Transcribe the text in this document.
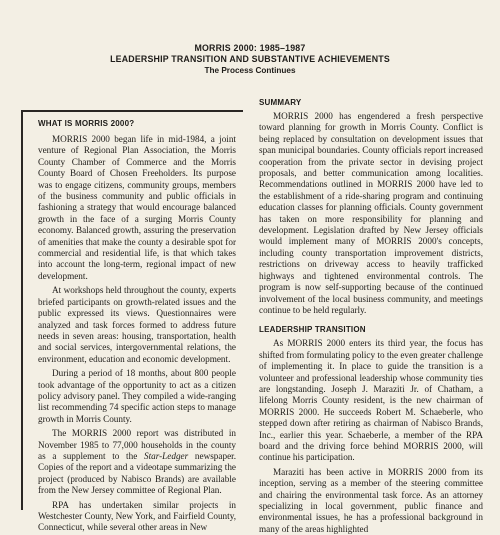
MORRIS 2000: 1985–1987
LEADERSHIP TRANSITION AND SUBSTANTIVE ACHIEVEMENTS
The Process Continues
WHAT IS MORRIS 2000?

MORRIS 2000 began life in mid-1984, a joint venture of Regional Plan Association, the Morris County Chamber of Commerce and the Morris County Board of Chosen Freeholders. Its purpose was to engage citizens, community groups, members of the business community and public officials in fashioning a strategy that would encourage balanced growth in the face of a surging Morris County economy. Balanced growth, assuring the preservation of amenities that make the county a desirable spot for commercial and residential life, is that which takes into account the long-term, regional impact of new development.

At workshops held throughout the county, experts briefed participants on growth-related issues and the public expressed its views. Questionnaires were analyzed and task forces formed to address future needs in seven areas: housing, transportation, health and social services, intergovernmental relations, the environment, education and economic development.

During a period of 18 months, about 800 people took advantage of the opportunity to act as a citizen policy advisory panel. They compiled a wide-ranging list recommending 74 specific action steps to manage growth in Morris County.

The MORRIS 2000 report was distributed in November 1985 to 77,000 households in the county as a supplement to the Star-Ledger newspaper. Copies of the report and a videotape summarizing the project (produced by Nabisco Brands) are available from the New Jersey committee of Regional Plan.

RPA has undertaken similar projects in Westchester County, New York, and Fairfield County, Connecticut, while several other areas in New

SUMMARY

MORRIS 2000 has engendered a fresh perspective toward planning for growth in Morris County. Conflict is being replaced by consultation on development issues that span municipal boundaries. County officials report increased cooperation from the private sector in devising project proposals, and better communication among localities. Recommendations outlined in MORRIS 2000 have led to the establishment of a ride-sharing program and continuing education classes for planning officials. County government has taken on more responsibility for planning and development. Legislation drafted by New Jersey officials would implement many of MORRIS 2000's concepts, including county transportation improvement districts, restrictions on driveway access to heavily trafficked highways and tightened environmental controls. The program is now self-supporting because of the continued involvement of the local business community, and meetings continue to be held regularly.

LEADERSHIP TRANSITION

As MORRIS 2000 enters its third year, the focus has shifted from formulating policy to the even greater challenge of implementing it. In place to guide the transition is a volunteer and professional leadership whose community ties are longstanding. Joseph J. Maraziti Jr. of Chatham, a lifelong Morris County resident, is the new chairman of MORRIS 2000. He succeeds Robert M. Schaeberle, who stepped down after retiring as chairman of Nabisco Brands, Inc., earlier this year. Schaeberle, a member of the RPA board and the driving force behind MORRIS 2000, will continue his participation.

Maraziti has been active in MORRIS 2000 from its inception, serving as a member of the steering committee and chairing the environmental task force. As an attorney specializing in local government, public finance and environmental issues, he has a professional background in many of the areas highlighted
